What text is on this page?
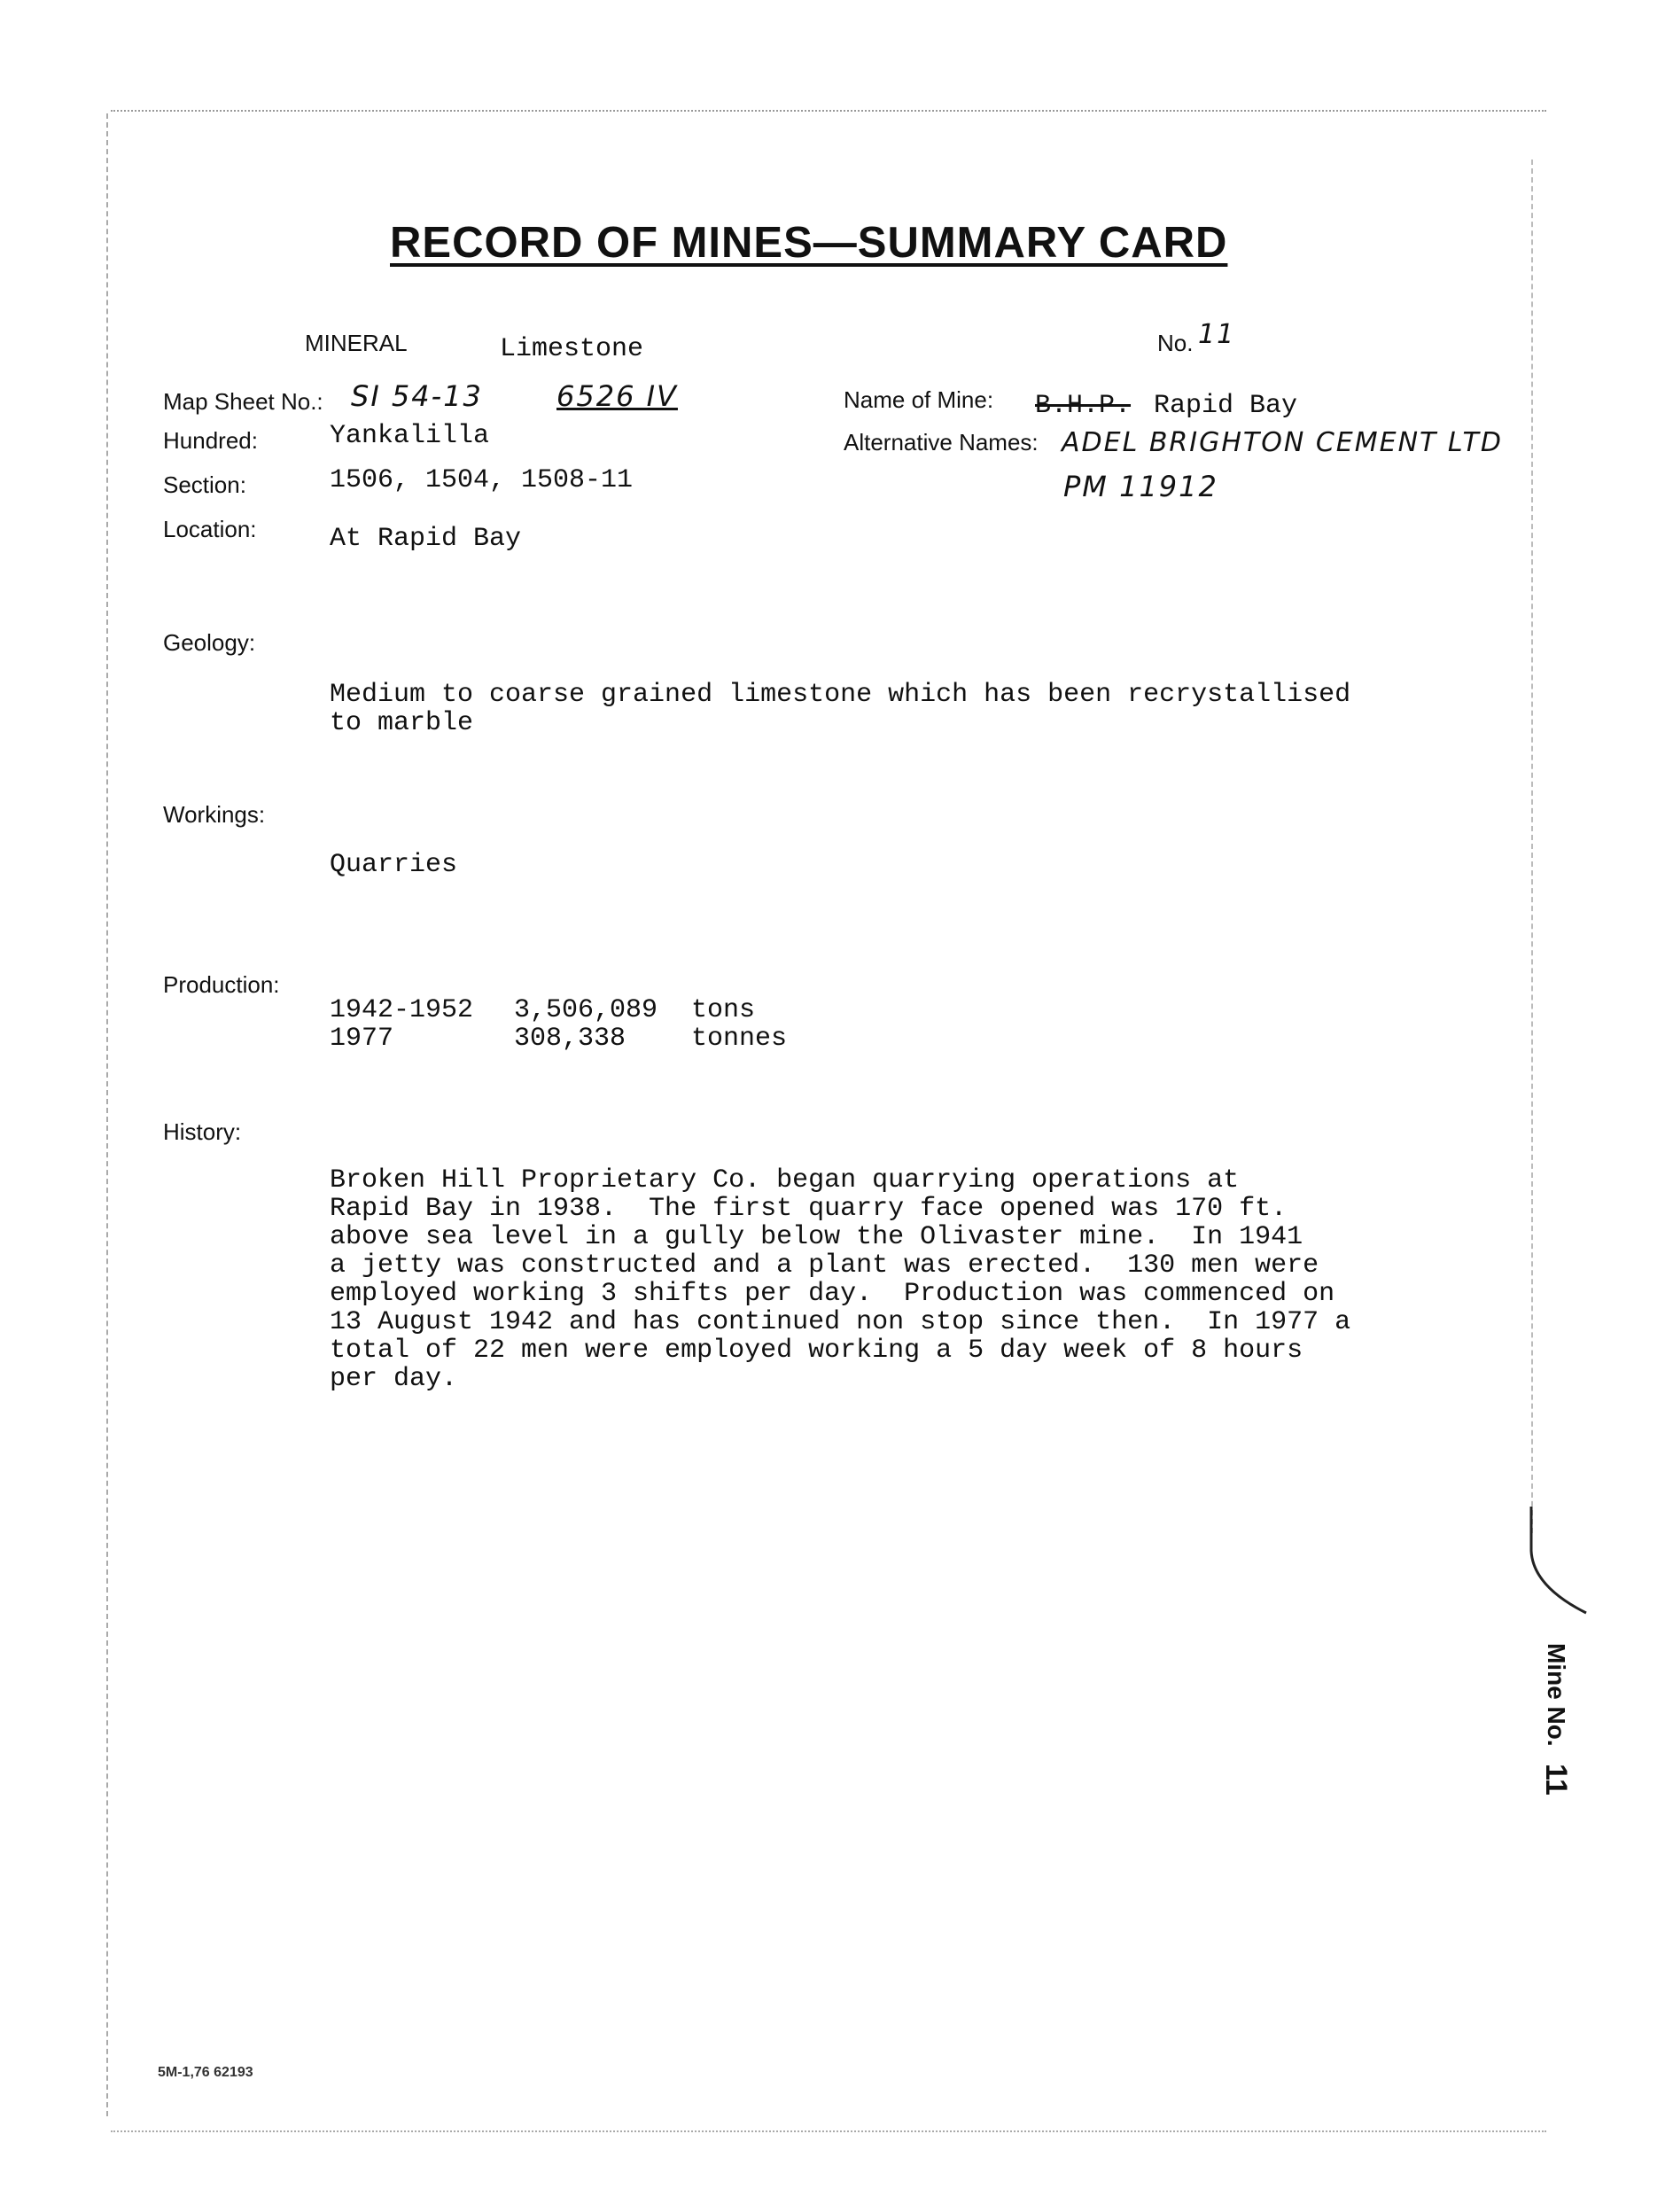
RECORD OF MINES—SUMMARY CARD
MINERAL	Limestone	No. 11
Map Sheet No.: SI 54-13	6526 IV	Name of Mine: B.H.P. Rapid Bay
Hundred:	Yankalilla	Alternative Names: ADEL BRIGHTON CEMENT LTD
Section:	1506, 1504, 1508-11	PM 11912
Location:	At Rapid Bay
Geology:
Medium to coarse grained limestone which has been recrystallised
to marble
Workings:
Quarries
Production:
1942-1952 3,506,089 tons
1977	308,338 tonnes
History:
Broken Hill Proprietary Co. began quarrying operations at
Rapid Bay in 1938.  The first quarry face opened was 170 ft.
above sea level in a gully below the Olivaster mine.  In 1941
a jetty was constructed and a plant was erected.  130 men were
employed working 3 shifts per day.  Production was commenced on
13 August 1942 and has continued non stop since then.  In 1977 a
total of 22 men were employed working a 5 day week of 8 hours
per day.
5M-1,76 62193
Mine No. 11
